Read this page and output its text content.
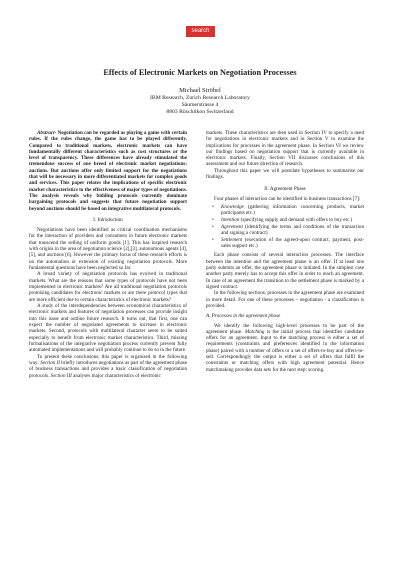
search
Effects of Electronic Markets on Negotiation Processes
Michael Ströbel
IBM Research, Zurich Research Laboratory
Säumerstrasse 4
8803 Rüschlikon Switzerland

Abstract- Negotiation can be regarded as playing a game with certain rules. If the rules change, the game has to be played differently. Compared to traditional markets, electronic markets can have fundamentally different characteristics such as cost structures or the level of transparency. These differences have already stimulated the tremendous success of one breed of electronic market negotiations: auctions. But auctions offer only limited support for the negotiations that will be necessary in more differentiated markets for complex goods and services. This paper relates the implications of specific electronic market characteristics to the effectiveness of major types of negotiations. The analysis reveals why bidding protocols currently dominate bargaining protocols and suggests that future negotiation support beyond auctions should be based on integrative multilateral protocols.

I. Introduction

Negotiations have been identified as critical coordination mechanisms for the interaction of providers and consumers in future electronic markets that transcend the selling of uniform goods [1]. This has inspired research with origins in the area of negotiation science [2],[3], autonomous agents [4],[5], and auctions [6]. However the primary focus of these research efforts is on the automation or extension of existing negotiation protocols. More fundamental questions have been neglected so far.

A broad variety of negotiation protocols has evolved in traditional markets. What are the reasons that some types of protocols have not been implemented in electronic markets? Are all traditional negotiation protocols promising candidates for electronic markets or are there protocol types that are more efficient due to certain characteristics of electronic markets?

A study of the interdependencies between economical characteristics of electronic markets and features of negotiation processes can provide insight into this issue and outline future research. It turns out, that first, one can expect the number of negotiated agreements to increase in electronic markets. Second, protocols with multilateral character seem to be suited especially to benefit from electronic market characteristics. Third, missing formalisations of the integrative negotiation process currently prevent fully automated implementations and will probably continue to do so in the future.

To present these conclusions, this paper is organised in the following way: Section II briefly introduces negotiations as part of the agreement phase of business transactions and provides a basic classification of negotiation protocols. Section III analyses major characteristics of electronic

markets. These characteristics are then used in Section IV to specify a need for negotiations in electronic markets and in Section V to examine the implications for processes in the agreement phase. In Section VI we review our findings based on negotiation support that is currently available in electronic markets. Finally, Section VII discusses conclusions of this assessment and our future direction of research.

Throughout this paper we will postulate hypotheses to summarise our findings.

II. Agreement Phase

Four phases of interaction can be identified in business transactions [7]:

• Knowledge (gathering information concerning products, market participants etc.)
• Intention (specifying supply and demand with offers to buy etc.)
• Agreement (identifying the terms and conditions of the transaction and signing a contract)
• Settlement (execution of the agreed-upon contract, payment, post-sales support etc.)

Each phase consists of several interaction processes. The interface between the intention and the agreement phase is an offer. If at least one party submits an offer, the agreement phase is initiated. In the simplest case another party merely has to accept this offer in order to reach an agreement. In case of an agreement the transition to the settlement phase is marked by a signed contract.

In the following sections, processes in the agreement phase are examined in more detail. For one of these processes – negotiation - a classification is provided.

A. Processes in the agreement phase

We identify the following high-level processes to be part of the agreement phase. Matching is the initial process that identifies candidate offers for an agreement. Input to the matching process is either a set of requirements (constraints and preferences identified in the information phase) paired with a number of offers or a set of offers-to-buy and offers-to-sell. Correspondingly the output is either a set of offers that fulfil the constraints or matching offers with high agreement potential. Hence matchmaking provides data sets for the next step: scoring.
